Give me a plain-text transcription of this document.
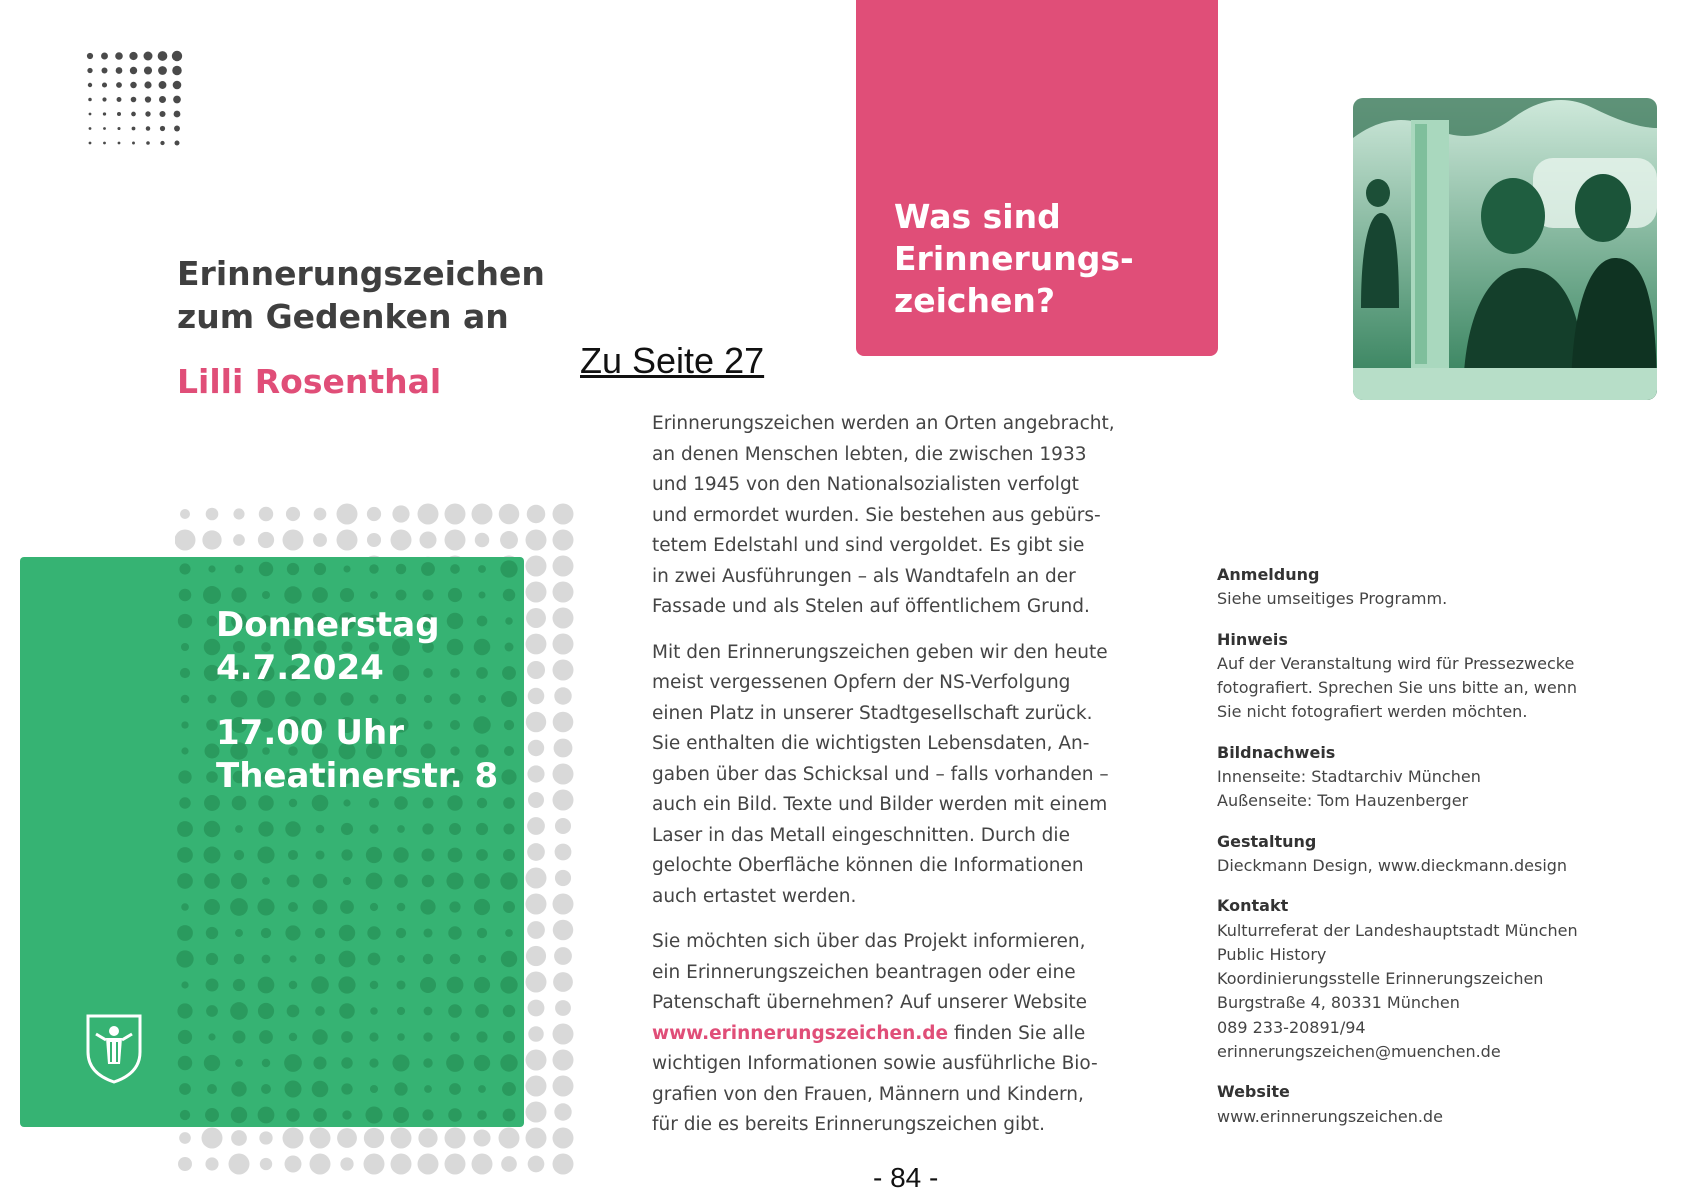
Donnerstag
4.7.2024
17.00 Uhr
Theatinerstr. 8
Erinnerungszeichen
zum Gedenken an
Lilli Rosenthal
Zu Seite 27
Was sind
Erinnerungs-
zeichen?

Erinnerungszeichen werden an Orten angebracht,
an denen Menschen lebten, die zwischen 1933
und 1945 von den Nationalsozialisten verfolgt
und ermordet wurden. Sie bestehen aus gebürs-
tetem Edelstahl und sind vergoldet. Es gibt sie
in zwei Ausführungen – als Wandtafeln an der
Fassade und als Stelen auf öffentlichem Grund.

Mit den Erinnerungszeichen geben wir den heute
meist vergessenen Opfern der NS-Verfolgung
einen Platz in unserer Stadtgesellschaft zurück.
Sie enthalten die wichtigsten Lebensdaten, An-
gaben über das Schicksal und – falls vorhanden –
auch ein Bild. Texte und Bilder werden mit einem
Laser in das Metall eingeschnitten. Durch die
gelochte Oberfläche können die Informationen
auch ertastet werden.

Sie möchten sich über das Projekt informieren,
ein Erinnerungszeichen beantragen oder eine
Patenschaft übernehmen? Auf unserer Website
www.erinnerungszeichen.de finden Sie alle
wichtigen Informationen sowie ausführliche Bio-
grafien von den Frauen, Männern und Kindern,
für die es bereits Erinnerungszeichen gibt.

Anmeldung
Siehe umseitiges Programm.
Hinweis
Auf der Veranstaltung wird für Pressezwecke
fotografiert. Sprechen Sie uns bitte an, wenn
Sie nicht fotografiert werden möchten.
Bildnachweis
Innenseite: Stadtarchiv München
Außenseite: Tom Hauzenberger
Gestaltung
Dieckmann Design, www.dieckmann.design
Kontakt
Kulturreferat der Landeshauptstadt München
Public History
Koordinierungsstelle Erinnerungszeichen
Burgstraße 4, 80331 München
089 233-20891/94
erinnerungszeichen@muenchen.de
Website
www.erinnerungszeichen.de
- 84 -
